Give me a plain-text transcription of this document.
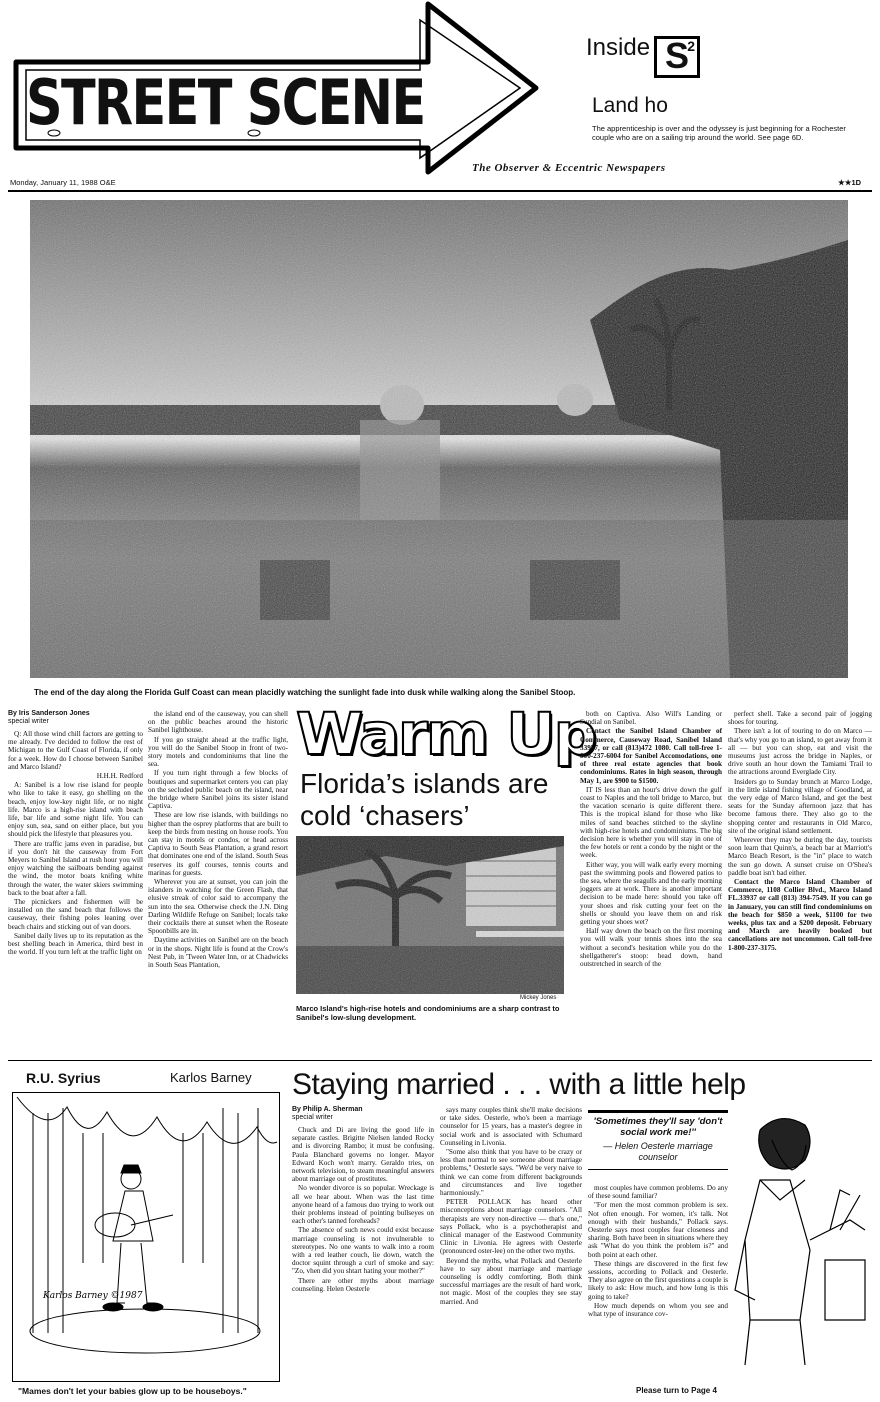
STREET SCENE
Inside S
2
Land ho
The apprenticeship is over and the odyssey is just beginning for a Rochester couple who are on a sailing trip around the world. See page 6D.
The Observer & Eccentric Newspapers
Monday, January 11, 1988 O&E	★★1D
The end of the day along the Florida Gulf Coast can mean placidly watching the sunlight fade into dusk while walking along the Sanibel Stoop.
By Iris Sanderson Jones
special writer

Q: All those wind chill factors are getting to me already. I've decided to follow the rest of Michigan to the Gulf Coast of Florida, if only for a week. How do I choose between Sanibel and Marco Island?

H.H.H. Redford

A: Sanibel is a low rise island for people who like to take it easy, go shelling on the beach, enjoy low-key night life, or no night life. Marco is a high-rise island with beach life, bar life and some night life. You can enjoy sun, sea, sand on either place, but you should pick the lifestyle that pleasures you.

There are traffic jams even in paradise, but if you don't hit the causeway from Fort Meyers to Sanibel Island at rush hour you will enjoy watching the sailboats bending against the wind, the motor boats knifing white through the water, the water skiers swimming back to the boat after a fall.

The picnickers and fishermen will be installed on the sand beach that follows the causeway, their fishing poles leaning over beach chairs and sticking out of van doors.

Sanibel daily lives up to its reputation as the best shelling beach in America, third best in the world. If you turn left at the traffic light on

the island end of the causeway, you can shell on the public beaches around the historic Sanibel lighthouse.

If you go straight ahead at the traffic light, you will do the Sanibel Stoop in front of two-story motels and condominiums that line the sea.

If you turn right through a few blocks of boutiques and supermarket centers you can play on the secluded public beach on the island, near the bridge where Sanibel joins its sister island Captiva.

These are low rise islands, with buildings no higher than the osprey platforms that are built to keep the birds from nesting on house roofs. You can stay in motels or condos, or head across Captiva to South Seas Plantation, a grand resort that dominates one end of the island. South Seas reserves its golf courses, tennis courts and marinas for guests.

Wherever you are at sunset, you can join the islanders in watching for the Green Flash, that elusive streak of color said to accompany the sun into the sea. Otherwise check the J.N. Ding Darling Wildlife Refuge on Sanibel; locals take their cocktails there at sunset when the Roseate Spoonbills are in.

Daytime activities on Sanibel are on the beach or in the shops. Night life is found at the Crow's Nest Pub, in 'Tween Water Inn, or at Chadwicks in South Seas Plantation,

Warm Up
Florida’s islands are cold ‘chasers’
Mickey Jones
Marco Island's high-rise hotels and condominiums are a sharp contrast to Sanibel's low-slung development.

both on Captiva. Also Will's Landing or Sundial on Sanibel.

Contact the Sanibel Island Chamber of Commerce, Causeway Road, Sanibel Island 33957, or call (813)472 1080. Call toll-free 1-800-237-6004 for Sanibel Accomodations, one of three real estate agencies that book condominiums. Rates in high season, through May 1, are $900 to $1500.

IT IS less than an hour's drive down the gulf coast to Naples and the toll bridge to Marco, but the vacation scenario is quite different there. This is the tropical island for those who like miles of sand beaches stitched to the skyline with high-rise hotels and condominiums. The big decision here is whether you will stay in one of the few hotels or rent a condo by the night or the week.

Either way, you will walk early every morning past the swimming pools and flowered patios to the sea, where the seagulls and the early morning joggers are at work. There is another important decision to be made here: should you take off your shoes and risk cutting your feet on the shells or should you leave them on and risk getting your shoes wet?

Half way down the beach on the first morning you will walk your tennis shoes into the sea without a second's hesitation while you do the shellgatherer's stoop: head down, hand outstretched in search of the

perfect shell. Take a second pair of jogging shoes for touring.

There isn't a lot of touring to do on Marco — that's why you go to an island, to get away from it all — but you can shop, eat and visit the museums just across the bridge in Naples, or drive south an hour down the Tamiami Trail to the attractions around Everglade City.

Insiders go to Sunday brunch at Marco Lodge, in the little island fishing village of Goodland, at the very edge of Marco Island, and get the best seats for the Sunday afternoon jazz that has become famous there. They also go to the shopping center and restaurants in Old Marco, site of the original island settlement.

Wherever they may be during the day, tourists soon learn that Quinn's, a beach bar at Marriott's Marco Beach Resort, is the "in" place to watch the sun go down. A sunset cruise on O'Shea's paddle boat isn't bad either.

Contact the Marco Island Chamber of Commerce, 1108 Collier Blvd., Marco Island FL.33937 or call (813) 394-7549. If you can go in January, you can still find condominiums on the beach for $850 a week, $1100 for two weeks, plus tax and a $200 deposit. February and March are heavily booked but cancellations are not uncommon. Call toll-free 1-800-237-3175.

R.U. Syrius	Karlos Barney
Karlos Barney ©1987
"Mames don't let your babies glow up to be houseboys."
Staying married . . . with a little help
By Philip A. Sherman
special writer

Chuck and Di are living the good life in separate castles. Brigitte Nielsen landed Rocky and is divorcing Rambo; it must be confusing. Paula Blanchard governs no longer. Mayor Edward Koch won't marry. Geraldo tries, on network television, to steam meaningful answers about marriage out of prostitutes.

No wonder divorce is so popular. Wreckage is all we hear about. When was the last time anyone heard of a famous duo trying to work out their problems instead of pointing bullseyes on each other's tanned foreheads?

The absence of such news could exist because marriage counseling is not invulnerable to stereotypes. No one wants to walk into a room with a red leather couch, lie down, watch the doctor squint through a curl of smoke and say: "Zo, vhen did you shtart hating your mother?"

There are other myths about marriage counseling. Helen Oesterle

says many couples think she'll make decisions or take sides. Oesterle, who's been a marriage counselor for 15 years, has a master's degree in social work and is associated with Schumard Counseling in Livonia.

"Some also think that you have to be crazy or less than normal to see someone about marriage problems," Oesterle says. "We'd be very naive to think we can come from different backgrounds and circumstances and live together harmoniously."

PETER POLLACK has heard other misconceptions about marriage counselors. "All therapists are very non-directive — that's one," says Pollack, who is a psychotherapist and clinical manager of the Eastwood Community Clinic in Livonia. He agrees with Oesterle (pronounced oster-lee) on the other two myths.

Beyond the myths, what Pollack and Oesterle have to say about marriage and marriage counseling is oddly comforting. Both think successful marriages are the result of hard work, not magic. Most of the couples they see stay married. And

'Sometimes they'll say 'don't social work me!''
— Helen Oesterle marriage counselor

most couples have common problems. Do any of these sound familiar?

"For men the most common problem is sex. Not often enough. For women, it's talk. Not enough with their husbands," Pollack says. Oesterle says most couples fear closeness and sharing. Both have been in situations where they ask "What do you think the problem is?" and both point at each other.

These things are discovered in the first few sessions, according to Pollack and Oesterle. They also agree on the first questions a couple is likely to ask: How much, and how long is this going to take?

How much depends on whom you see and what type of insurance cov-

Please turn to Page 4
